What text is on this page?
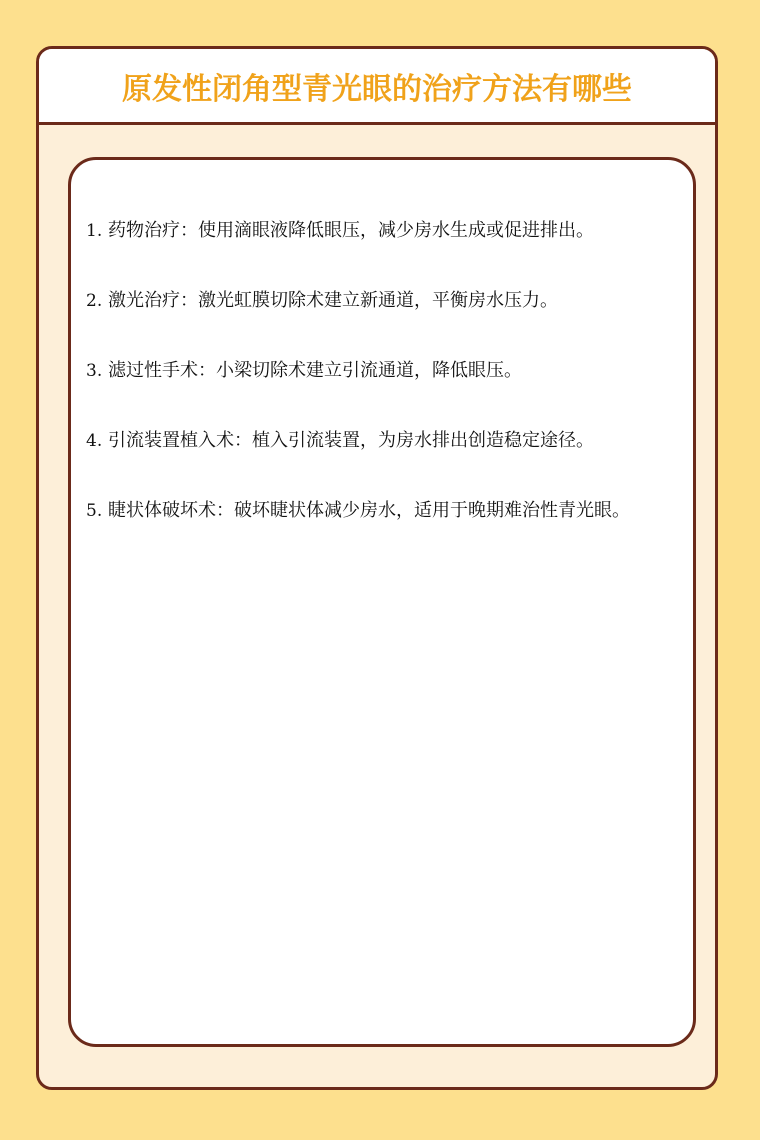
原发性闭角型青光眼的治疗方法有哪些
1. 药物治疗：使用滴眼液降低眼压，减少房水生成或促进排出。
2. 激光治疗：激光虹膜切除术建立新通道，平衡房水压力。
3. 滤过性手术：小梁切除术建立引流通道，降低眼压。
4. 引流装置植入术：植入引流装置，为房水排出创造稳定途径。
5. 睫状体破坏术：破坏睫状体减少房水，适用于晚期难治性青光眼。
